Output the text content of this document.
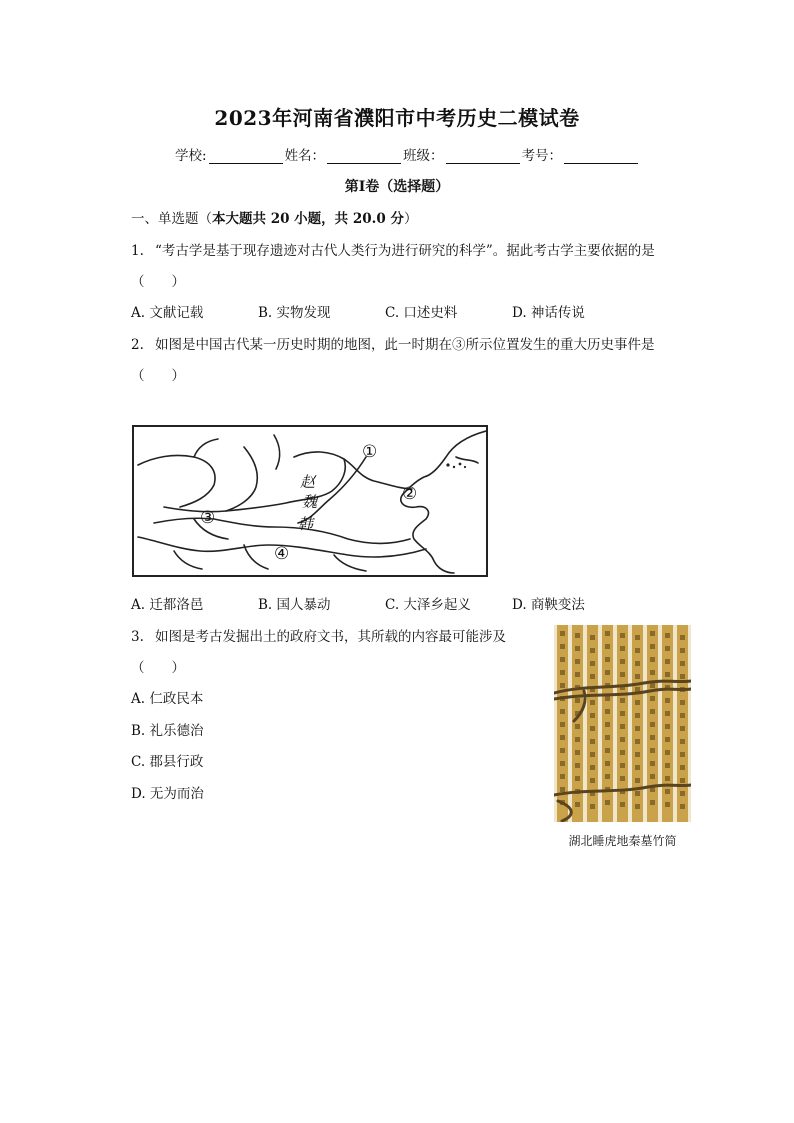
2023年河南省濮阳市中考历史二模试卷
学校:	姓名：	班级：	考号：
第I卷（选择题）
一、单选题（本大题共 20 小题，共 20.0 分）
1. “考古学是基于现存遗迹对古代人类行为进行研究的科学”。据此考古学主要依据的是
（　　）
A. 文献记载	B. 实物发现	C. 口述史料	D. 神话传说
2. 如图是中国古代某一历史时期的地图，此一时期在③所示位置发生的重大历史事件是
（　　）
①
②
③
④
赵
魏
韩
A. 迁都洛邑	B. 国人暴动	C. 大泽乡起义	D. 商鞅变法
3. 如图是考古发掘出土的政府文书，其所载的内容最可能涉及
（　　）
A. 仁政民本
B. 礼乐德治
C. 郡县行政
D. 无为而治
湖北睡虎地秦墓竹简
